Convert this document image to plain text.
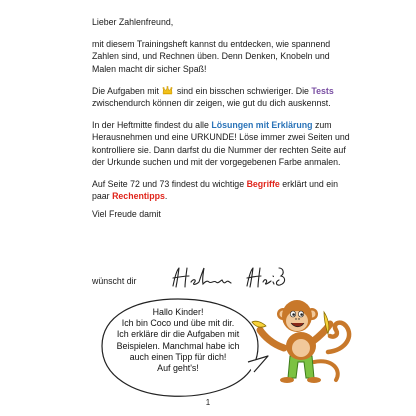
Lieber Zahlenfreund,

mit diesem Trainingsheft kannst du entdecken, wie spannend Zahlen sind, und Rechnen üben. Denn Denken, Knobeln und Malen macht dir sicher Spaß!

Die Aufgaben mit sind ein bisschen schwieriger. Die Tests zwischendurch können dir zeigen, wie gut du dich auskennst.

In der Heftmitte findest du alle Lösungen mit Erklärung zum Herausnehmen und eine URKUNDE! Löse immer zwei Seiten und kontrolliere sie. Dann darfst du die Nummer der rechten Seite auf der Urkunde suchen und mit der vorgegebenen Farbe anmalen.

Auf Seite 72 und 73 findest du wichtige Begriffe erklärt und ein paar Rechentipps.

Viel Freude damit

wünscht dir
Hallo Kinder!
Ich bin Coco und übe mit dir.
Ich erkläre dir die Aufgaben mit
Beispielen. Manchmal habe ich
auch einen Tipp für dich!
Auf geht's!
1
